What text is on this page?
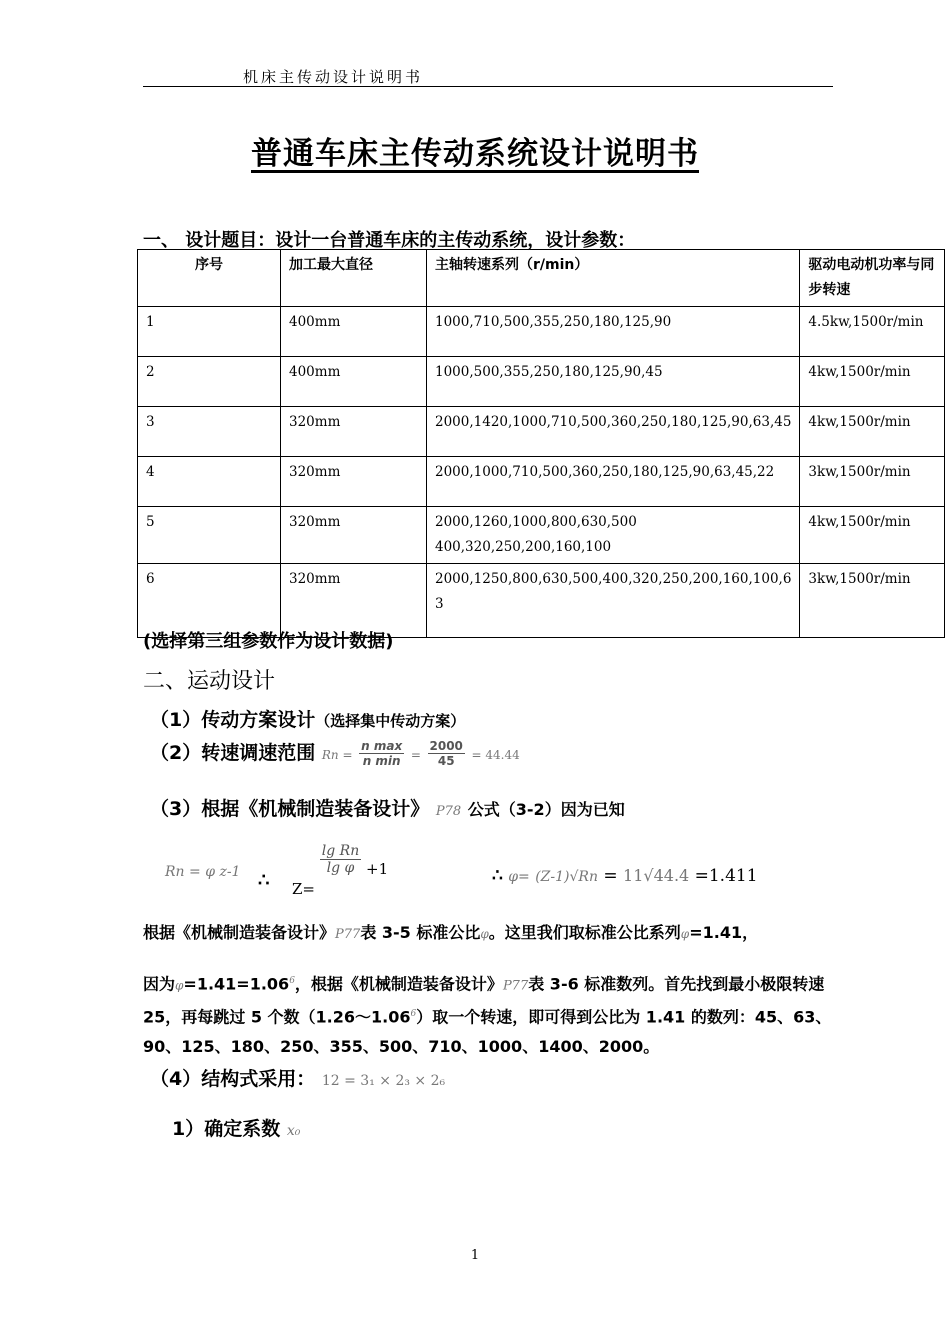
机床主传动设计说明书
普通车床主传动系统设计说明书
一、 设计题目：设计一台普通车床的主传动系统，设计参数：
序号	加工最大直径	主轴转速系列（r/min）	驱动电动机功率与同步转速
1	400mm	1000,710,500,355,250,180,125,90	4.5kw,1500r/min
2	400mm	1000,500,355,250,180,125,90,45	4kw,1500r/min
3	320mm	2000,1420,1000,710,500,360,250,180,125,90,63,45	4kw,1500r/min
4	320mm	2000,1000,710,500,360,250,180,125,90,63,45,22	3kw,1500r/min
5	320mm	2000,1260,1000,800,630,500 400,320,250,200,160,100	4kw,1500r/min
6	320mm	2000,1250,800,630,500,400,320,250,200,160,100,63	3kw,1500r/min
(选择第三组参数作为设计数据)
二、运动设计
（1）传动方案设计（选择集中传动方案）
（2）转速调速范围 $Rn = \frac{\text{n max}}{\text{n min}} = \frac{2000}{45} = 44.44$
（3）根据《机械制造装备设计》 P78 公式（3-2）因为已知
Rn = φ z-1 ∴ Z=
$\frac{\text{lg Rn}}{\text{lg φ}} +1$	∴ φ= (Z-1)√Rn = 11√44.4 =1.411
根据《机械制造装备设计》P77表 3-5 标准公比φ。这里我们取标准公比系列φ=1.41，
因为$\varphi=1.41=1.06^6$，根据《机械制造装备设计》P77表 3-6 标准数列。首先找到最小极限转速 25，再每跳过 5 个数（1.26～1.06$^6$）取一个转速，即可得到公比为 1.41 的数列：45、63、90、125、180、250、355、500、710、1000、1400、2000。
（4）结构式采用： 12 = 3₁ × 2₃ × 2₆
1）确定系数 x₀
1
